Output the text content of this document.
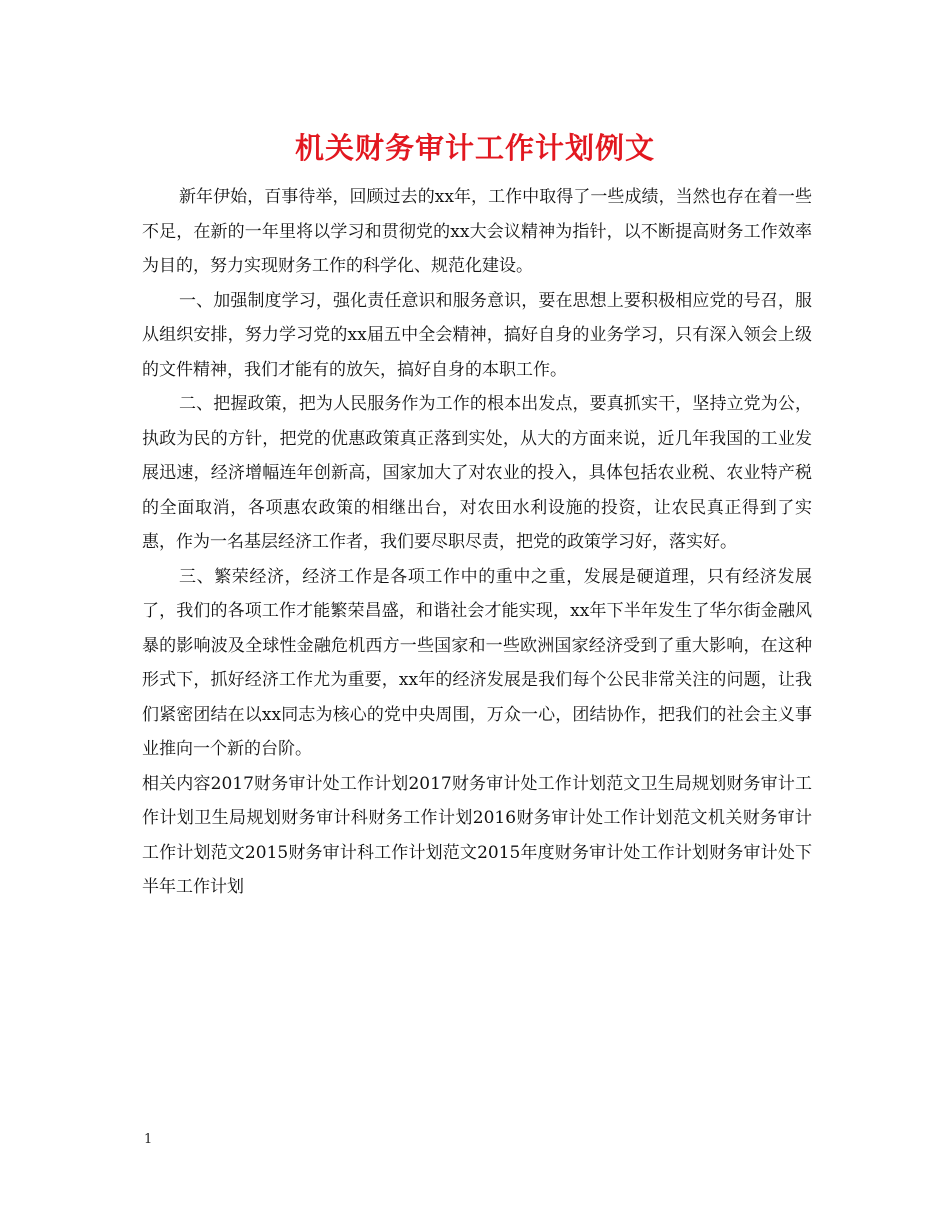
机关财务审计工作计划例文

新年伊始，百事待举，回顾过去的xx年，工作中取得了一些成绩，当然也存在着一些不足，在新的一年里将以学习和贯彻党的xx大会议精神为指针，以不断提高财务工作效率为目的，努力实现财务工作的科学化、规范化建设。

一、加强制度学习，强化责任意识和服务意识，要在思想上要积极相应党的号召，服从组织安排，努力学习党的xx届五中全会精神，搞好自身的业务学习，只有深入领会上级的文件精神，我们才能有的放矢，搞好自身的本职工作。

二、把握政策，把为人民服务作为工作的根本出发点，要真抓实干，坚持立党为公，执政为民的方针，把党的优惠政策真正落到实处，从大的方面来说，近几年我国的工业发展迅速，经济增幅连年创新高，国家加大了对农业的投入，具体包括农业税、农业特产税的全面取消，各项惠农政策的相继出台，对农田水利设施的投资，让农民真正得到了实惠，作为一名基层经济工作者，我们要尽职尽责，把党的政策学习好，落实好。

三、繁荣经济，经济工作是各项工作中的重中之重，发展是硬道理，只有经济发展了，我们的各项工作才能繁荣昌盛，和谐社会才能实现，xx年下半年发生了华尔街金融风暴的影响波及全球性金融危机西方一些国家和一些欧洲国家经济受到了重大影响，在这种形式下，抓好经济工作尤为重要，xx年的经济发展是我们每个公民非常关注的问题，让我们紧密团结在以xx同志为核心的党中央周围，万众一心，团结协作，把我们的社会主义事业推向一个新的台阶。

相关内容2017财务审计处工作计划2017财务审计处工作计划范文卫生局规划财务审计工作计划卫生局规划财务审计科财务工作计划2016财务审计处工作计划范文机关财务审计工作计划范文2015财务审计科工作计划范文2015年度财务审计处工作计划财务审计处下半年工作计划

1
